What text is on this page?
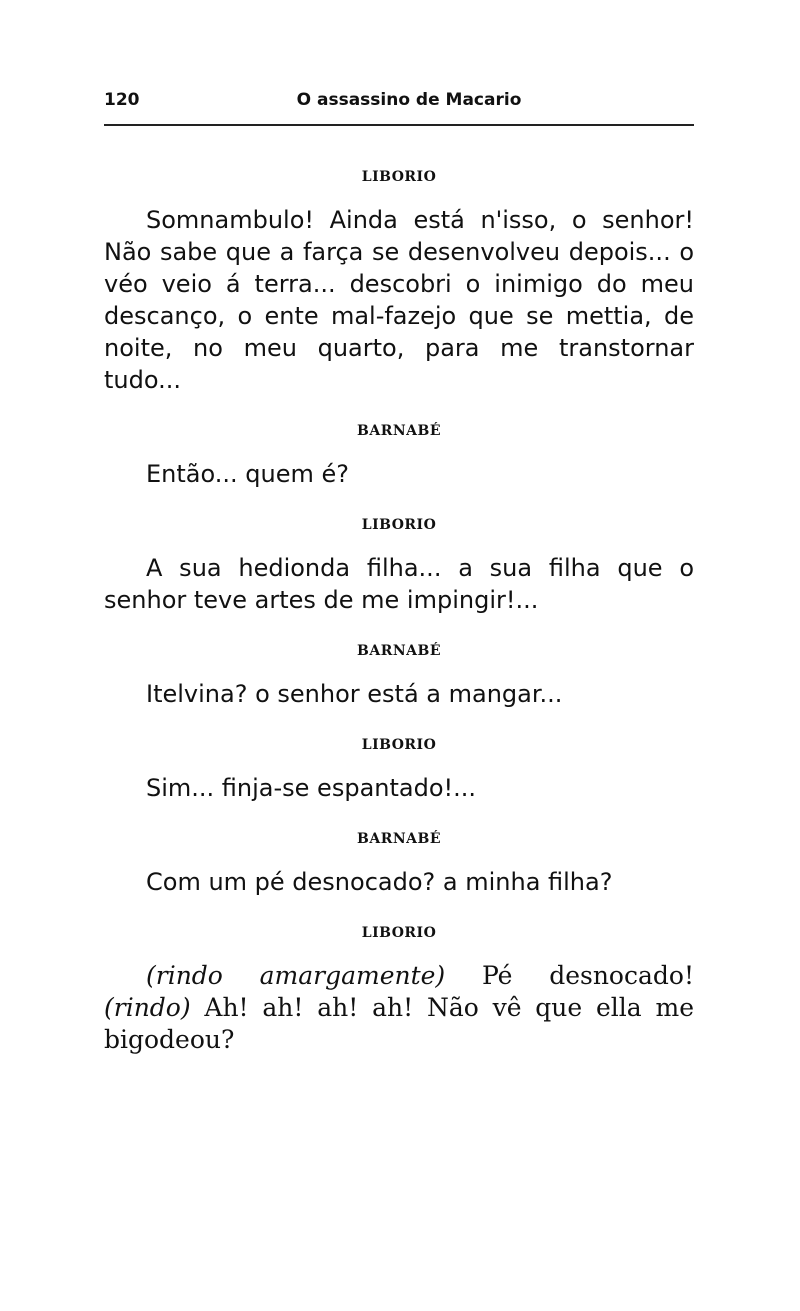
120	O assassino de Macario

LIBORIO

Somnambulo! Ainda está n'isso, o senhor! Não sabe que a farça se desenvolveu depois... o véo veio á terra... descobri o inimigo do meu descanço, o ente mal-fazejo que se mettia, de noite, no meu quarto, para me transtornar tudo...

BARNABÉ

Então... quem é?

LIBORIO

A sua hedionda filha... a sua filha que o senhor teve artes de me impingir!...

BARNABÉ

Itelvina? o senhor está a mangar...

LIBORIO

Sim... finja-se espantado!...

BARNABÉ

Com um pé desnocado? a minha filha?

LIBORIO

(rindo amargamente) Pé desnocado! (rindo) Ah! ah! ah! ah! Não vê que ella me bigodeou?
